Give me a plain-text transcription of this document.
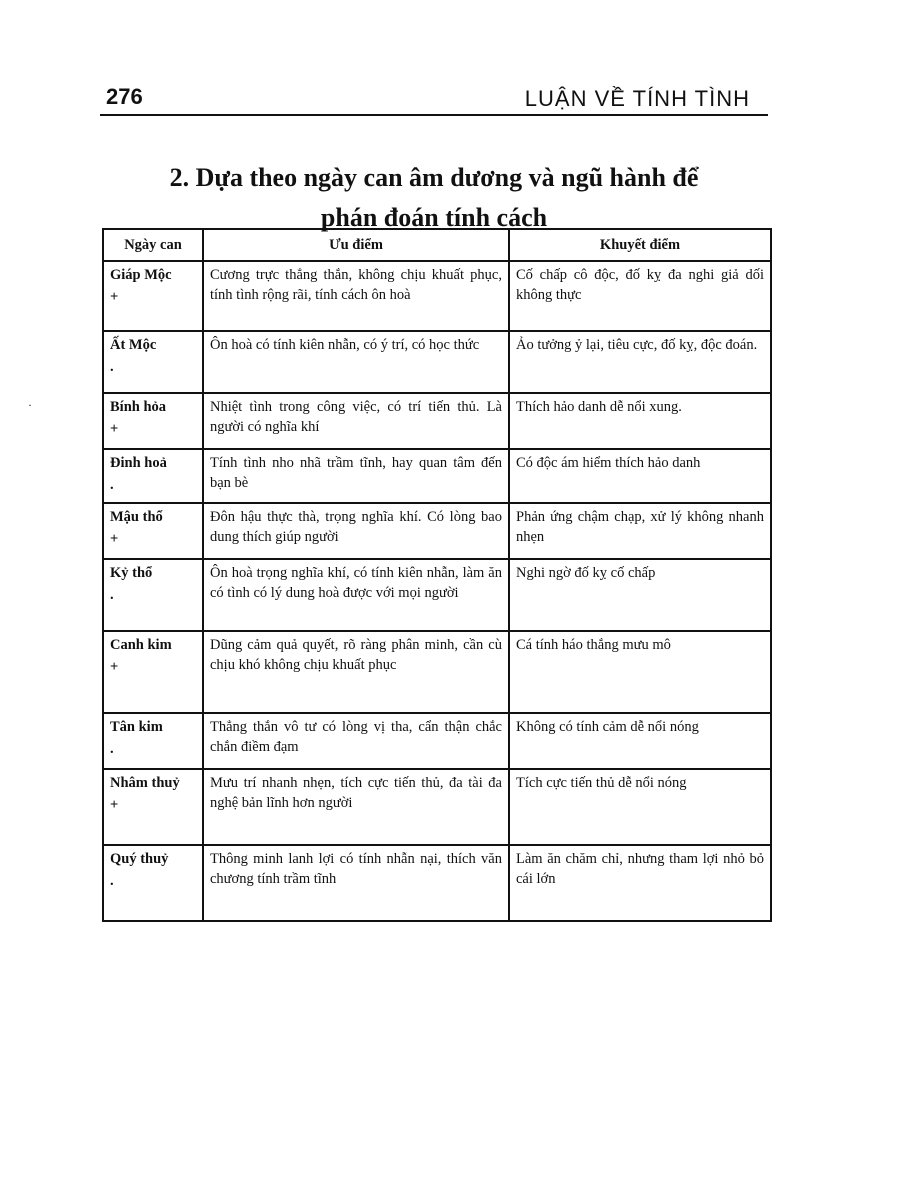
276	LUẬN VỀ TÍNH TÌNH
·
2. Dựa theo ngày can âm dương và ngũ hành để
phán đoán tính cách
Ngày can	Ưu điểm	Khuyết điểm
Giáp Mộc
+	Cương trực thẳng thắn, không chịu khuất phục, tính tình rộng rãi, tính cách ôn hoà	Cố chấp cô độc, đố kỵ đa nghi giả dối không thực
Ất Mộc
.	Ôn hoà có tính kiên nhẫn, có ý trí, có học thức	Ảo tưởng ỷ lại, tiêu cực, đố kỵ, độc đoán.
Bính hỏa
+	Nhiệt tình trong công việc, có trí tiến thủ. Là người có nghĩa khí	Thích hảo danh dễ nổi xung.
Đinh hoả
.	Tính tình nho nhã trầm tĩnh, hay quan tâm đến bạn bè	Có độc ám hiểm thích hảo danh
Mậu thổ
+	Đôn hậu thực thà, trọng nghĩa khí. Có lòng bao dung thích giúp người	Phản ứng chậm chạp, xử lý không nhanh nhẹn
Kỷ thổ
.	Ôn hoà trọng nghĩa khí, có tính kiên nhẫn, làm ăn có tình có lý dung hoà được với mọi người	Nghi ngờ đố kỵ cố chấp
Canh kim
+	Dũng cảm quả quyết, rõ ràng phân minh, cần cù chịu khó không chịu khuất phục	Cá tính háo thắng mưu mô
Tân kim
.	Thẳng thắn vô tư có lòng vị tha, cẩn thận chắc chắn điềm đạm	Không có tính cảm dễ nổi nóng
Nhâm thuỷ
+	Mưu trí nhanh nhẹn, tích cực tiến thủ, đa tài đa nghệ bản lĩnh hơn người	Tích cực tiến thủ dễ nổi nóng
Quý thuỷ
.	Thông minh lanh lợi có tính nhẫn nại, thích văn chương tính trầm tĩnh	Làm ăn chăm chỉ, nhưng tham lợi nhỏ bỏ cái lớn
